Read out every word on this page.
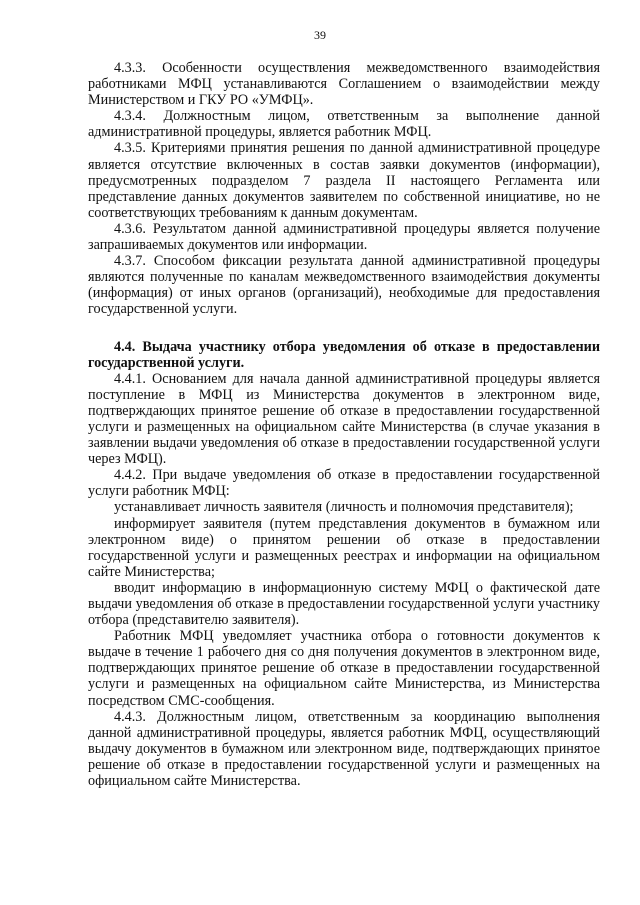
39

4.3.3. Особенности осуществления межведомственного взаимодействия работниками МФЦ устанавливаются Соглашением о взаимодействии между Министерством и ГКУ РО «УМФЦ».

4.3.4. Должностным лицом, ответственным за выполнение данной административной процедуры, является работник МФЦ.

4.3.5. Критериями принятия решения по данной административной процедуре является отсутствие включенных в состав заявки документов (информации), предусмотренных подразделом 7 раздела II настоящего Регламента или представление данных документов заявителем по собственной инициативе, но не соответствующих требованиям к данным документам.

4.3.6. Результатом данной административной процедуры является получение запрашиваемых документов или информации.

4.3.7. Способом фиксации результата данной административной процедуры являются полученные по каналам межведомственного взаимодействия документы (информация) от иных органов (организаций), необходимые для предоставления государственной услуги.

4.4. Выдача участнику отбора уведомления об отказе в предоставлении государственной услуги.

4.4.1. Основанием для начала данной административной процедуры является поступление в МФЦ из Министерства документов в электронном виде, подтверждающих принятое решение об отказе в предоставлении государственной услуги и размещенных на официальном сайте Министерства (в случае указания в заявлении выдачи уведомления об отказе в предоставлении государственной услуги через МФЦ).

4.4.2. При выдаче уведомления об отказе в предоставлении государственной услуги работник МФЦ:

устанавливает личность заявителя (личность и полномочия представителя);

информирует заявителя (путем представления документов в бумажном или электронном виде) о принятом решении об отказе в предоставлении государственной услуги и размещенных реестрах и информации на официальном сайте Министерства;

вводит информацию в информационную систему МФЦ о фактической дате выдачи уведомления об отказе в предоставлении государственной услуги участнику отбора (представителю заявителя).

Работник МФЦ уведомляет участника отбора о готовности документов к выдаче в течение 1 рабочего дня со дня получения документов в электронном виде, подтверждающих принятое решение об отказе в предоставлении государственной услуги и размещенных на официальном сайте Министерства, из Министерства посредством СМС-сообщения.

4.4.3. Должностным лицом, ответственным за координацию выполнения данной административной процедуры, является работник МФЦ, осуществляющий выдачу документов в бумажном или электронном виде, подтверждающих принятое решение об отказе в предоставлении государственной услуги и размещенных на официальном сайте Министерства.
